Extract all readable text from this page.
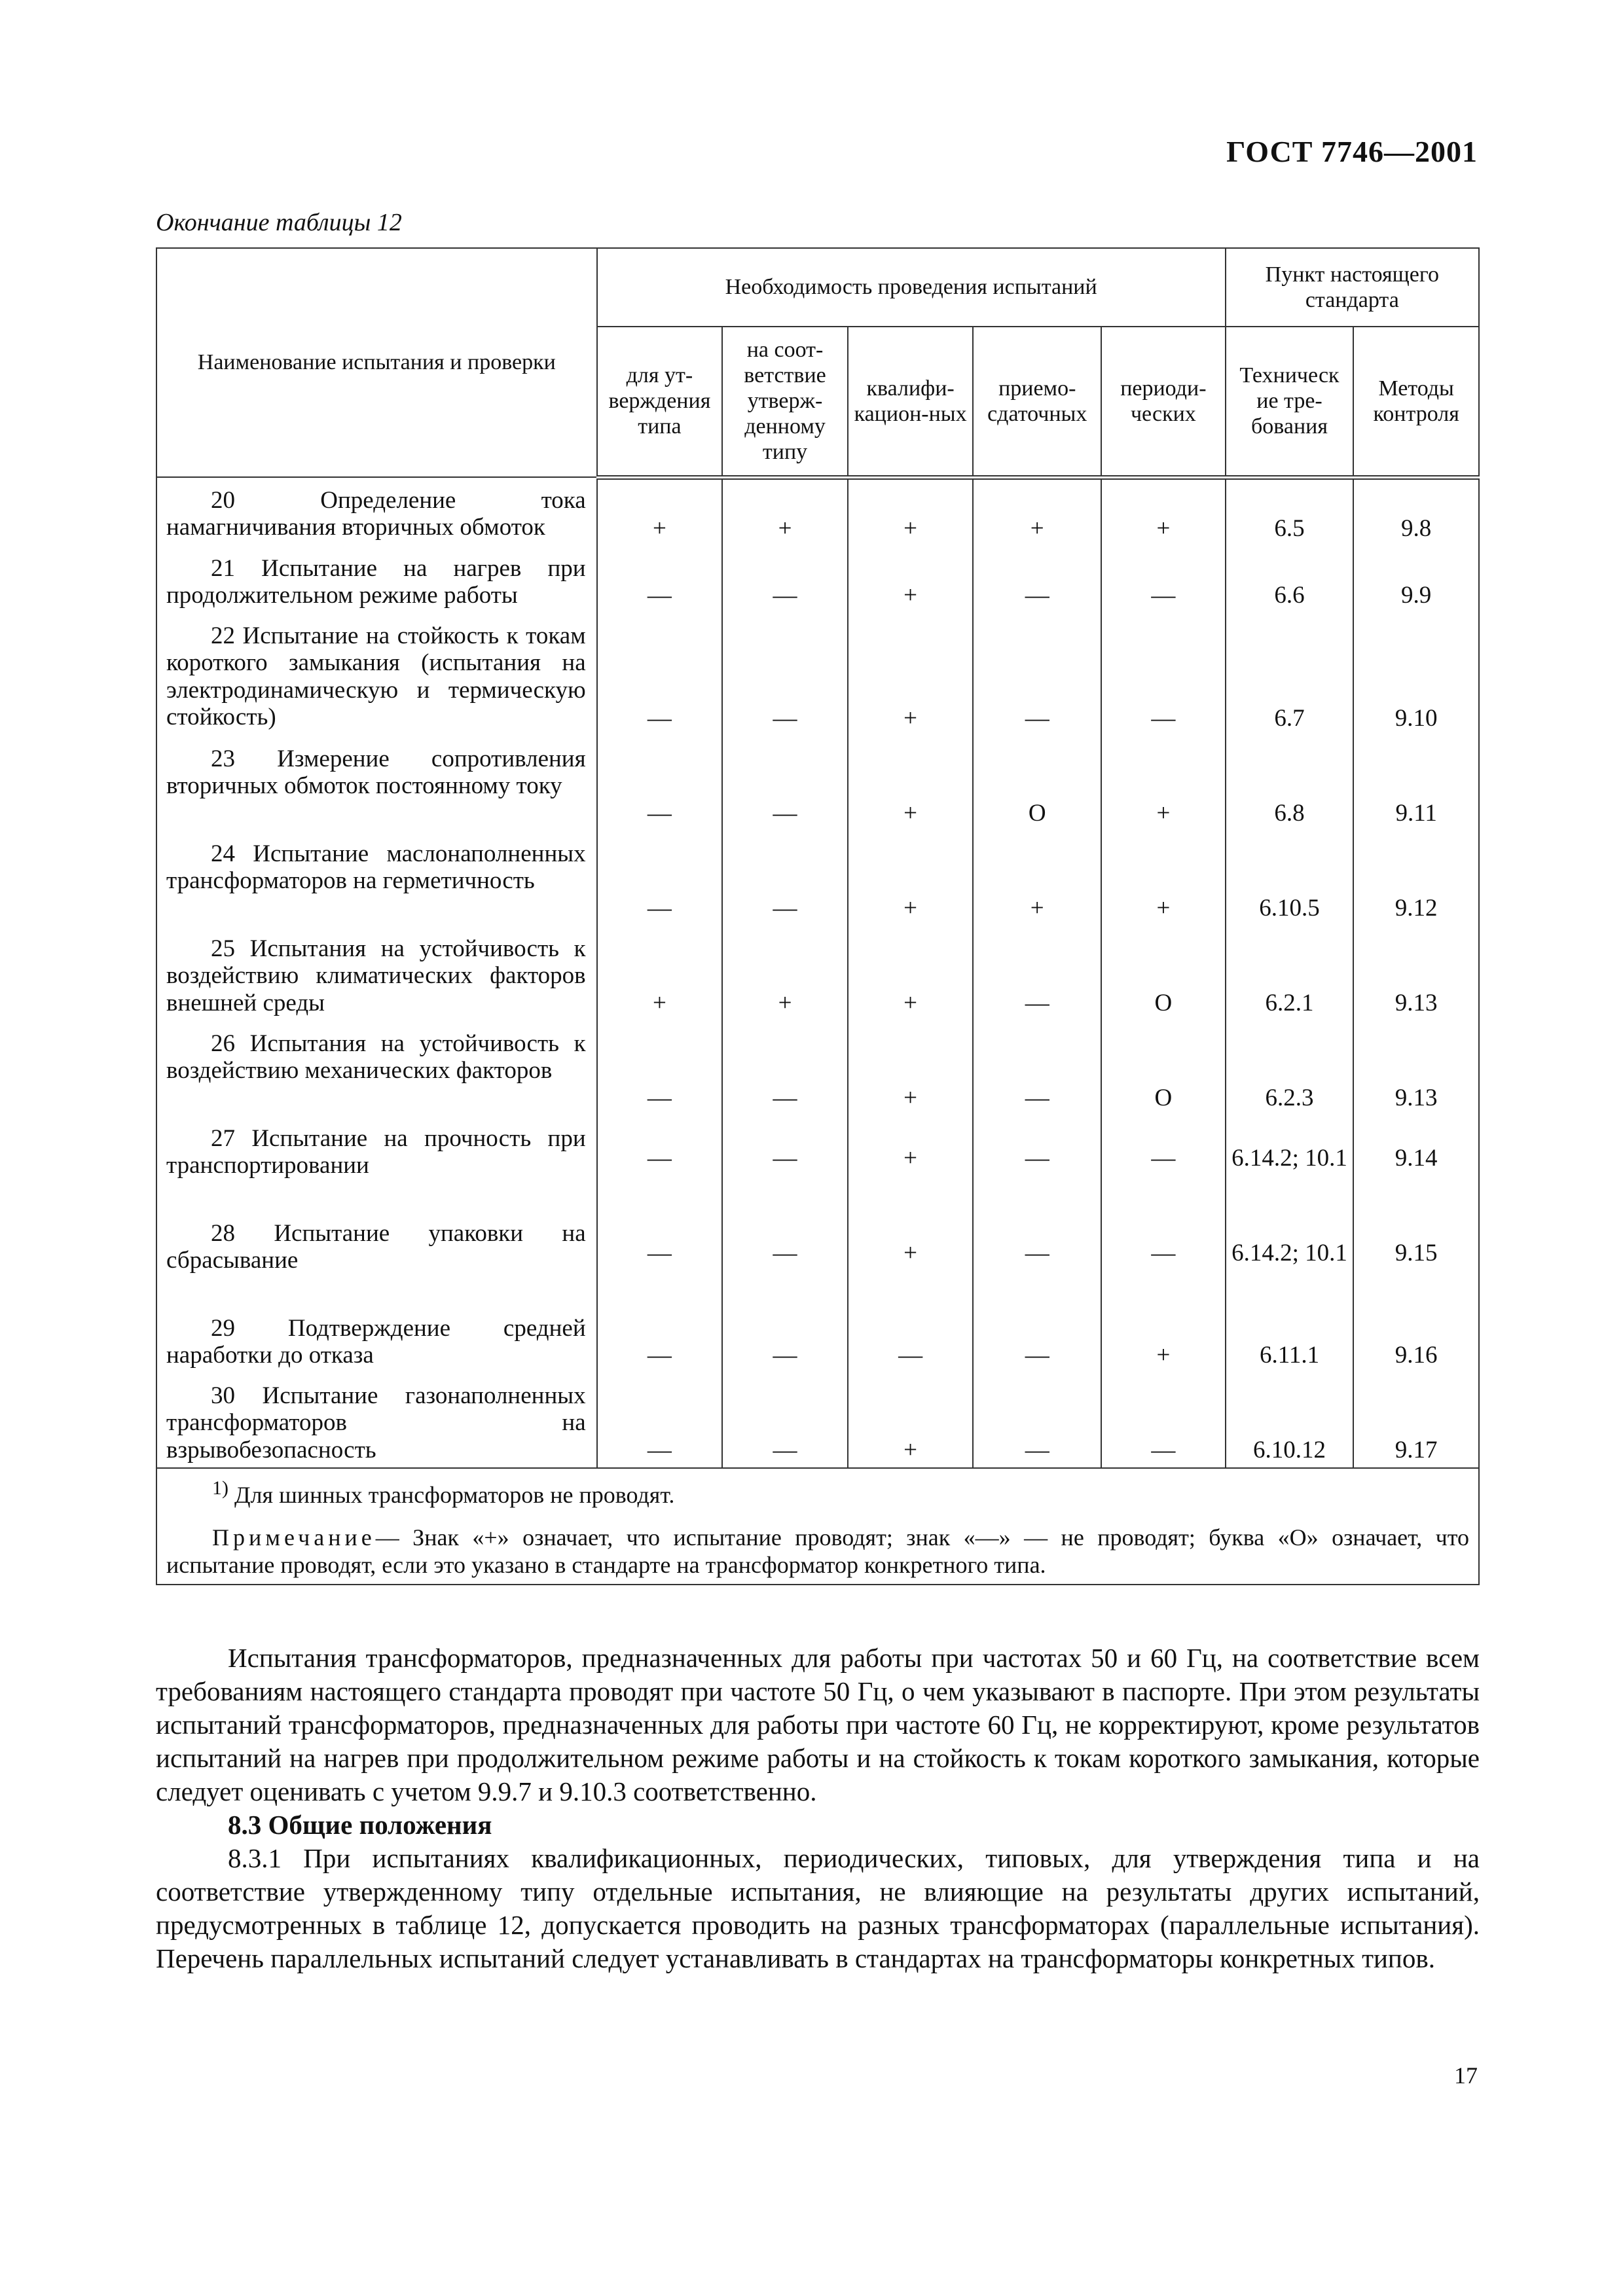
ГОСТ 7746—2001
Окончание таблицы 12
Наименование испытания и проверки	Необходимость проведения испытаний					Пункт настоящего стандарта	
	для ут-верждения типа	на соот-ветствие утверж-денному типу	квалифи-кацион-ных	приемо-сдаточных	периоди-ческих	Техническ ие тре-бования	Методы контроля

20 Определение тока намагничивания вторичных обмоток	+	+	+	+	+	6.5	9.8

21 Испытание на нагрев при продолжительном режиме работы	—	—	+	—	—	6.6	9.9

22 Испытание на стойкость к токам короткого замыкания (испытания на электродинамическую и термическую стойкость)	—	—	+	—	—	6.7	9.10

23 Измерение сопротивления вторичных обмоток постоянному току	—	—	+	О	+	6.8	9.11

24 Испытание маслонаполненных трансформаторов на герметичность	—	—	+	+	+	6.10.5	9.12

25 Испытания на устойчивость к воздействию климатических факторов внешней среды	+	+	+	—	О	6.2.1	9.13

26 Испытания на устойчивость к воздействию механических факторов	—	—	+	—	О	6.2.3	9.13

27 Испытание на прочность при транспортировании	—	—	+	—	—	6.14.2; 10.1	9.14

28 Испытание упаковки на сбрасывание	—	—	+	—	—	6.14.2; 10.1	9.15

29 Подтверждение средней наработки до отказа	—	—	—	—	+	6.11.1	9.16

30 Испытание газонаполненных трансформаторов на взрывобезопасность	—	—	+	—	—	6.10.12	9.17

$^{1)}$ Для шинных трансформаторов не проводят.
Примечание— Знак «+» означает, что испытание проводят; знак «—» — не проводят; буква «О» означает, что испытание проводят, если это указано в стандарте на трансформатор конкретного типа.							

Испытания трансформаторов, предназначенных для работы при частотах 50 и 60 Гц, на соответствие всем требованиям настоящего стандарта проводят при частоте 50 Гц, о чем указывают в паспорте. При этом результаты испытаний трансформаторов, предназначенных для работы при частоте 60 Гц, не корректируют, кроме результатов испытаний на нагрев при продолжительном режиме работы и на стойкость к токам короткого замыкания, которые следует оценивать с учетом 9.9.7 и 9.10.3 соответственно.

8.3 Общие положения

8.3.1 При испытаниях квалификационных, периодических, типовых, для утверждения типа и на соответствие утвержденному типу отдельные испытания, не влияющие на результаты других испытаний, предусмотренных в таблице 12, допускается проводить на разных трансформаторах (параллельные испытания). Перечень параллельных испытаний следует устанавливать в стандартах на трансформаторы конкретных типов.

17
